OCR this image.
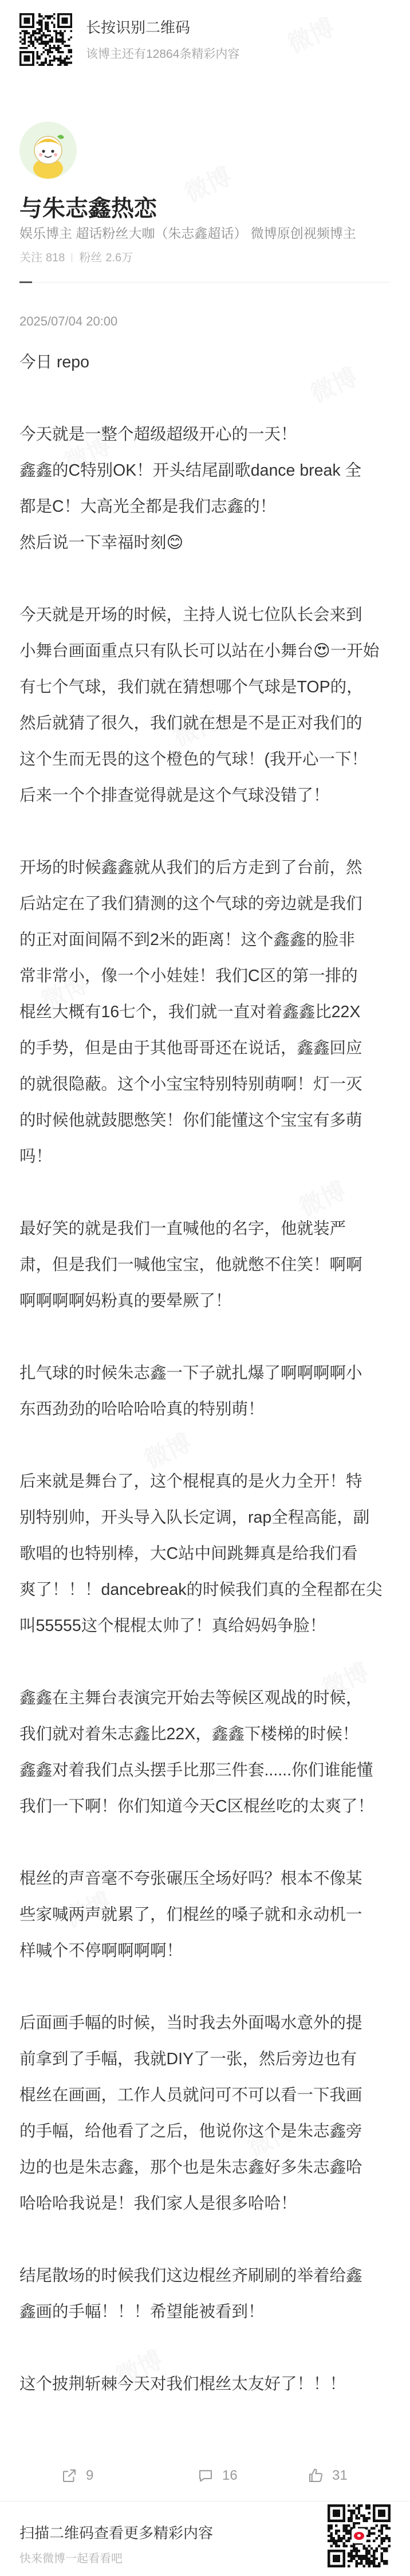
长按识别二维码
该博主还有12864条精彩内容
与朱志鑫热恋
娱乐博主 超话粉丝大咖（朱志鑫超话） 微博原创视频博主
关注 818 粉丝 2.6万
2025/07/04 20:00
今日 repo
今天就是一整个超级超级开心的一天！
鑫鑫的C特别OK！开头结尾副歌dance break 全
都是C！大高光全都是我们志鑫的！
然后说一下幸福时刻😊
今天就是开场的时候，主持人说七位队长会来到
小舞台画面重点只有队长可以站在小舞台😍一开始
有七个气球，我们就在猜想哪个气球是TOP的，
然后就猜了很久，我们就在想是不是正对我们的
这个生而无畏的这个橙色的气球！(我开心一下！
后来一个个排查觉得就是这个气球没错了！
开场的时候鑫鑫就从我们的后方走到了台前，然
后站定在了我们猜测的这个气球的旁边就是我们
的正对面间隔不到2米的距离！这个鑫鑫的脸非
常非常小，像一个小娃娃！我们C区的第一排的
棍丝大概有16七个，我们就一直对着鑫鑫比22X
的手势，但是由于其他哥哥还在说话，鑫鑫回应
的就很隐蔽。这个小宝宝特别特别萌啊！灯一灭
的时候他就鼓腮憋笑！你们能懂这个宝宝有多萌
吗！
最好笑的就是我们一直喊他的名字，他就装严
肃，但是我们一喊他宝宝，他就憋不住笑！啊啊
啊啊啊啊妈粉真的要晕厥了！
扎气球的时候朱志鑫一下子就扎爆了啊啊啊啊小
东西劲劲的哈哈哈哈真的特别萌！
后来就是舞台了，这个棍棍真的是火力全开！特
别特别帅，开头导入队长定调，rap全程高能，副
歌唱的也特别棒，大C站中间跳舞真是给我们看
爽了！！！dancebreak的时候我们真的全程都在尖
叫55555这个棍棍太帅了！真给妈妈争脸！
鑫鑫在主舞台表演完开始去等候区观战的时候，
我们就对着朱志鑫比22X，鑫鑫下楼梯的时候！
鑫鑫对着我们点头摆手比那三件套......你们谁能懂
我们一下啊！你们知道今天C区棍丝吃的太爽了！
棍丝的声音毫不夸张碾压全场好吗？根本不像某
些家喊两声就累了，们棍丝的嗓子就和永动机一
样喊个不停啊啊啊啊！
后面画手幅的时候，当时我去外面喝水意外的提
前拿到了手幅，我就DIY了一张，然后旁边也有
棍丝在画画，工作人员就问可不可以看一下我画
的手幅，给他看了之后，他说你这个是朱志鑫旁
边的也是朱志鑫，那个也是朱志鑫好多朱志鑫哈
哈哈哈我说是！我们家人是很多哈哈！
结尾散场的时候我们这边棍丝齐刷刷的举着给鑫
鑫画的手幅！！！希望能被看到！
这个披荆斩棘今天对我们棍丝太友好了！！！
9	16	31
扫描二维码查看更多精彩内容
快来微博一起看看吧
